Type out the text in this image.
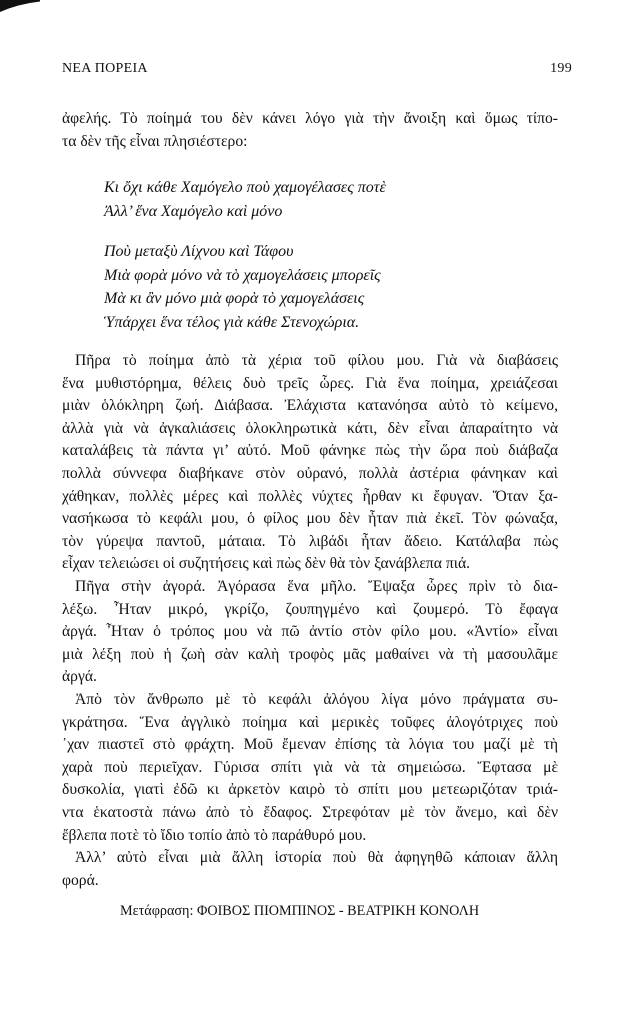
ΝΕΑ ΠΟΡΕΙΑ	199
ἀφελής. Τὸ ποίημά του δὲν κάνει λόγο γιὰ τὴν ἄνοιξη καὶ ὅμως τίπο-
τα δὲν τῆς εἶναι πλησιέστερο:
Κι ὄχι κάθε Χαμόγελο ποὺ χαμογέλασες ποτὲ
Ἀλλ’ ἕνα Χαμόγελο καὶ μόνο
Ποὺ μεταξὺ Λίχνου καὶ Τάφου
Μιὰ φορὰ μόνο νὰ τὸ χαμογελάσεις μπορεῖς
Μὰ κι ἂν μόνο μιὰ φορὰ τὸ χαμογελάσεις
Ὑπάρχει ἕνα τέλος γιὰ κάθε Στενοχώρια.
Πῆρα τὸ ποίημα ἀπὸ τὰ χέρια τοῦ φίλου μου. Γιὰ νὰ διαβάσεις
ἕνα μυθιστόρημα, θέλεις δυὸ τρεῖς ὧρες. Γιὰ ἕνα ποίημα, χρειάζεσαι
μιὰν ὁλόκληρη ζωή. Διάβασα. Ἐλάχιστα κατανόησα αὐτὸ τὸ κείμενο,
ἀλλὰ γιὰ νὰ ἀγκαλιάσεις ὁλοκληρωτικὰ κάτι, δὲν εἶναι ἀπαραίτητο νὰ
καταλάβεις τὰ πάντα γι’ αὐτό. Μοῦ φάνηκε πὼς τὴν ὥρα ποὺ διάβαζα
πολλὰ σύννεφα διαβήκανε στὸν οὐρανό, πολλὰ ἀστέρια φάνηκαν καὶ
χάθηκαν, πολλὲς μέρες καὶ πολλὲς νύχτες ἦρθαν κι ἔφυγαν. Ὅταν ξα-
νασήκωσα τὸ κεφάλι μου, ὁ φίλος μου δὲν ἦταν πιὰ ἐκεῖ. Τὸν φώναξα,
τὸν γύρεψα παντοῦ, μάταια. Τὸ λιβάδι ἦταν ἄδειο. Κατάλαβα πὼς
εἶχαν τελειώσει οἱ συζητήσεις καὶ πὼς δὲν θὰ τὸν ξανάβλεπα πιά.
Πῆγα στὴν ἀγορά. Ἀγόρασα ἕνα μῆλο. Ἔψαξα ὧρες πρὶν τὸ δια-
λέξω. Ἦταν μικρό, γκρίζο, ζουπηγμένο καὶ ζουμερό. Τὸ ἔφαγα
ἀργά. Ἦταν ὁ τρόπος μου νὰ πῶ ἀντίο στὸν φίλο μου. «Ἀντίο» εἶναι
μιὰ λέξη ποὺ ἡ ζωὴ σὰν καλὴ τροφὸς μᾶς μαθαίνει νὰ τὴ μασουλᾶμε
ἀργά.
Ἀπὸ τὸν ἄνθρωπο μὲ τὸ κεφάλι ἀλόγου λίγα μόνο πράγματα συ-
γκράτησα. Ἕνα ἀγγλικὸ ποίημα καὶ μερικὲς τοῦφες ἀλογότριχες ποὺ
᾽χαν πιαστεῖ στὸ φράχτη. Μοῦ ἔμεναν ἐπίσης τὰ λόγια του μαζί μὲ τὴ
χαρὰ ποὺ περιεῖχαν. Γύρισα σπίτι γιὰ νὰ τὰ σημειώσω. Ἔφτασα μὲ
δυσκολία, γιατὶ ἐδῶ κι ἀρκετὸν καιρὸ τὸ σπίτι μου μετεωριζόταν τριά-
ντα ἑκατοστὰ πάνω ἀπὸ τὸ ἔδαφος. Στρεφόταν μὲ τὸν ἄνεμο, καὶ δὲν
ἔβλεπα ποτὲ τὸ ἴδιο τοπίο ἀπὸ τὸ παράθυρό μου.
Ἀλλ’ αὐτὸ εἶναι μιὰ ἄλλη ἱστορία ποὺ θὰ ἀφηγηθῶ κάποιαν ἄλλη
φορά.
Μετάφραση: ΦΟΙΒΟΣ ΠΙΟΜΠΙΝΟΣ - ΒΕΑΤΡΙΚΗ ΚΟΝΟΛΗ
